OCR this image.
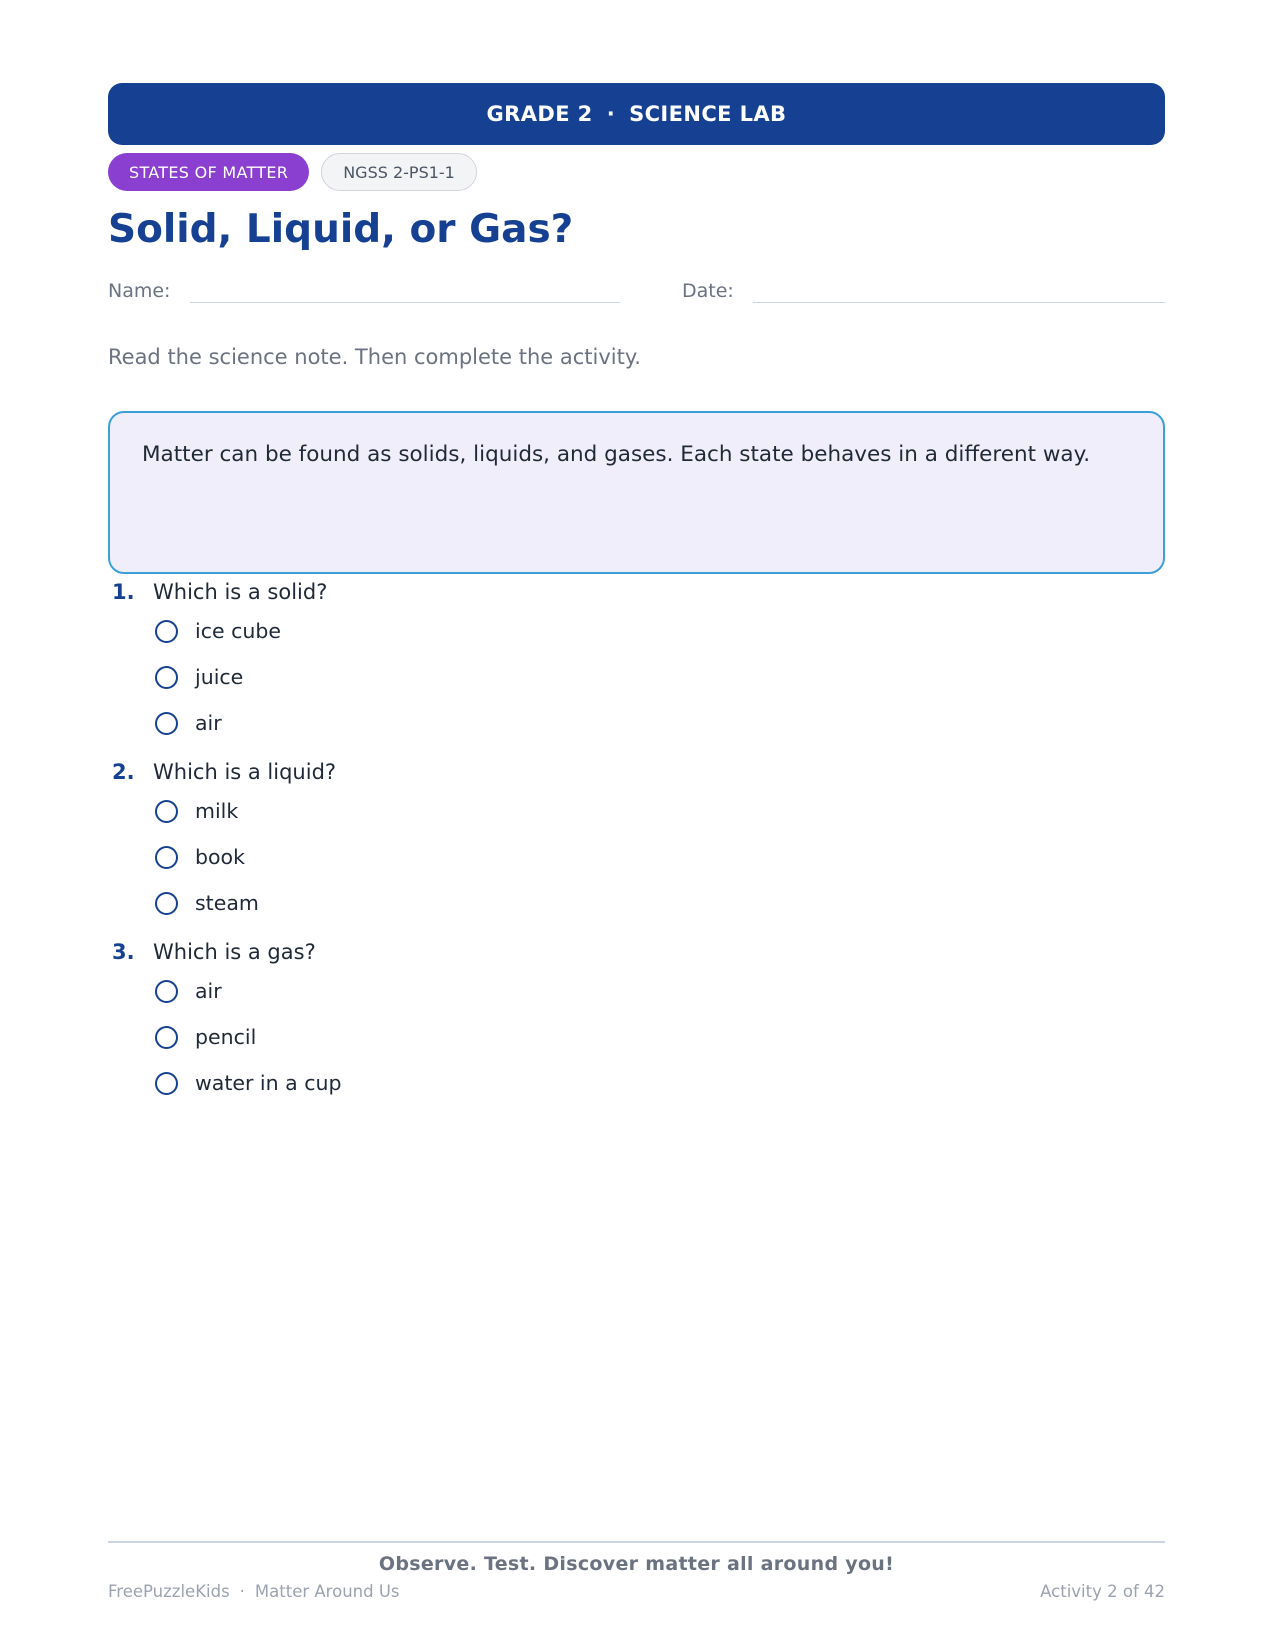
GRADE 2 · SCIENCE LAB
STATES OF MATTER	NGSS 2-PS1-1
Solid, Liquid, or Gas?
Name:	Date:

Read the science note. Then complete the activity.

Matter can be found as solids, liquids, and gases. Each state behaves in a different way.
1. Which is a solid?
ice cube
juice
air
2. Which is a liquid?
milk
book
steam
3. Which is a gas?
air
pencil
water in a cup
Observe. Test. Discover matter all around you!
FreePuzzleKids · Matter Around Us	Activity 2 of 42
